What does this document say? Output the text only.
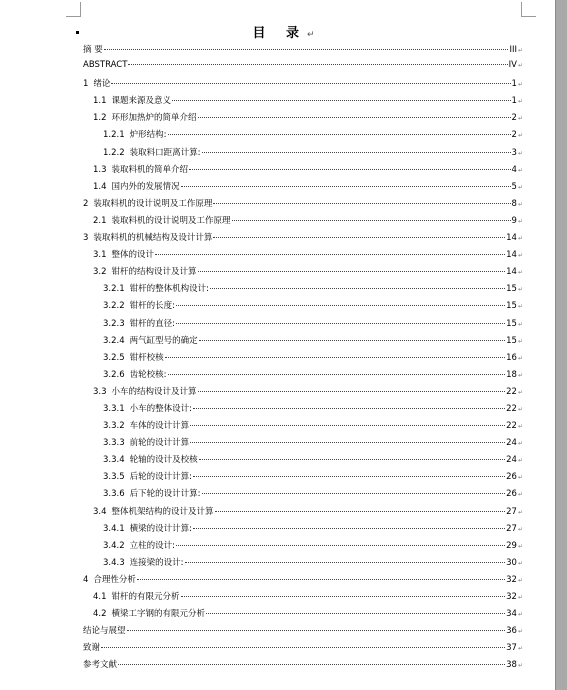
目 录↵
摘 要	III ↵
ABSTRACT	IV ↵
1 绪论	1 ↵
1.1 课题来源及意义	1 ↵
1.2 环形加热炉的简单介绍	2 ↵
1.2.1 炉形结构:	2 ↵
1.2.2 装取料口距离计算:	3 ↵
1.3 装取料机的简单介绍	4 ↵
1.4 国内外的发展情况	5 ↵
2 装取料机的设计说明及工作原理	8 ↵
2.1 装取料机的设计说明及工作原理	9 ↵
3 装取料机的机械结构及设计计算	14 ↵
3.1 整体的设计	14 ↵
3.2 钳杆的结构设计及计算	14 ↵
3.2.1 钳杆的整体机构设计:	15 ↵
3.2.2 钳杆的长度:	15 ↵
3.2.3 钳杆的直径:	15 ↵
3.2.4 两气缸型号的确定	15 ↵
3.2.5 钳杆校核	16 ↵
3.2.6 齿轮校核:	18 ↵
3.3 小车的结构设计及计算	22 ↵
3.3.1 小车的整体设计:	22 ↵
3.3.2 车体的设计计算	22 ↵
3.3.3 前轮的设计计算	24 ↵
3.3.4 轮轴的设计及校核	24 ↵
3.3.5 后轮的设计计算:	26 ↵
3.3.6 后下轮的设计计算:	26 ↵
3.4 整体机架结构的设计及计算	27 ↵
3.4.1 横梁的设计计算:	27 ↵
3.4.2 立柱的设计:	29 ↵
3.4.3 连接梁的设计:	30 ↵
4 合理性分析	32 ↵
4.1 钳杆的有限元分析	32 ↵
4.2 横梁工字钢的有限元分析	34 ↵
结论与展望	36 ↵
致谢	37 ↵
参考文献	38 ↵
